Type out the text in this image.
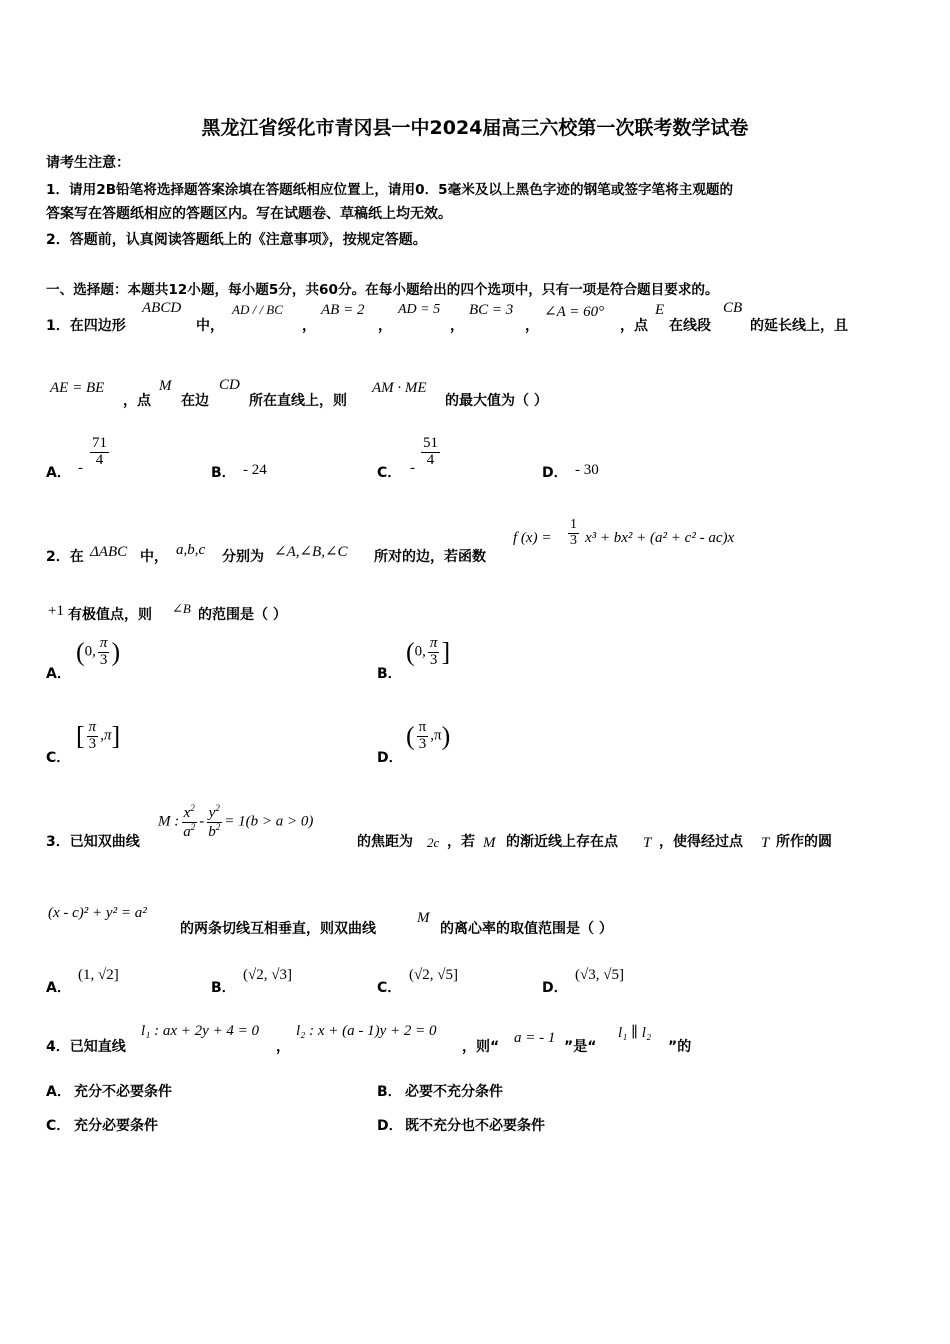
黑龙江省绥化市青冈县一中2024届高三六校第一次联考数学试卷
请考生注意：
1．请用2B铅笔将选择题答案涂填在答题纸相应位置上，请用0．5毫米及以上黑色字迹的钢笔或签字笔将主观题的
答案写在答题纸相应的答题区内。写在试题卷、草稿纸上均无效。
2．答题前，认真阅读答题纸上的《注意事项》，按规定答题。
一、选择题：本题共12小题，每小题5分，共60分。在每小题给出的四个选项中，只有一项是符合题目要求的。
1．在四边形
ABCD
中，
AD / / BC
，
AB = 2
，
AD = 5
，
BC = 3
，
∠A = 60°
，点
E
在线段
CB
的延长线上，且
AE = BE
，点
M
在边
CD
所在直线上，则
AM · ME
的最大值为（ ）
A． - $\frac{71}{4}$
B． - 24	C． - $\frac{51}{4}$
D． - 30
2．在 ΔABC 中， a,b,c 分别为 ∠A,∠B,∠C 所对的边，若函数
f $(x) = \frac{1}{3} x^3 + bx^2 + (a^2 + c^2 - ac)x$
+1 有极值点，则 ∠B 的范围是（ ）
A．
(0, $\frac{\pi}{3}$ )
B．
(0, $\frac{\pi}{3}$ ]
C．
[ $\frac{\pi}{3} ,\pi$]
D．
( $\frac{\pi}{3} ,\pi$)
3．已知双曲线
M : $\frac{x^2}{a^2} - \frac{y^2}{b^2} = 1(b > a > 0)$
的焦距为 2c ，若 M 的渐近线上存在点 T ，使得经过点 T 所作的圆
(x - c)² + y² = a²
的两条切线互相垂直，则双曲线
M
的离心率的取值范围是（ ）
A．
(1, √2]
B．
(√2, √3]
C．
(√2, √5]
D．
(√3, √5]
4．已知直线
l₁ : ax + 2y + 4 = 0
，
l₂ : x + (a - 1)y + 2 = 0
，则“
a = - 1
”是“
l₁ ∥ l₂
”的
A． 充分不必要条件	B． 必要不充分条件
C． 充分必要条件	D． 既不充分也不必要条件
